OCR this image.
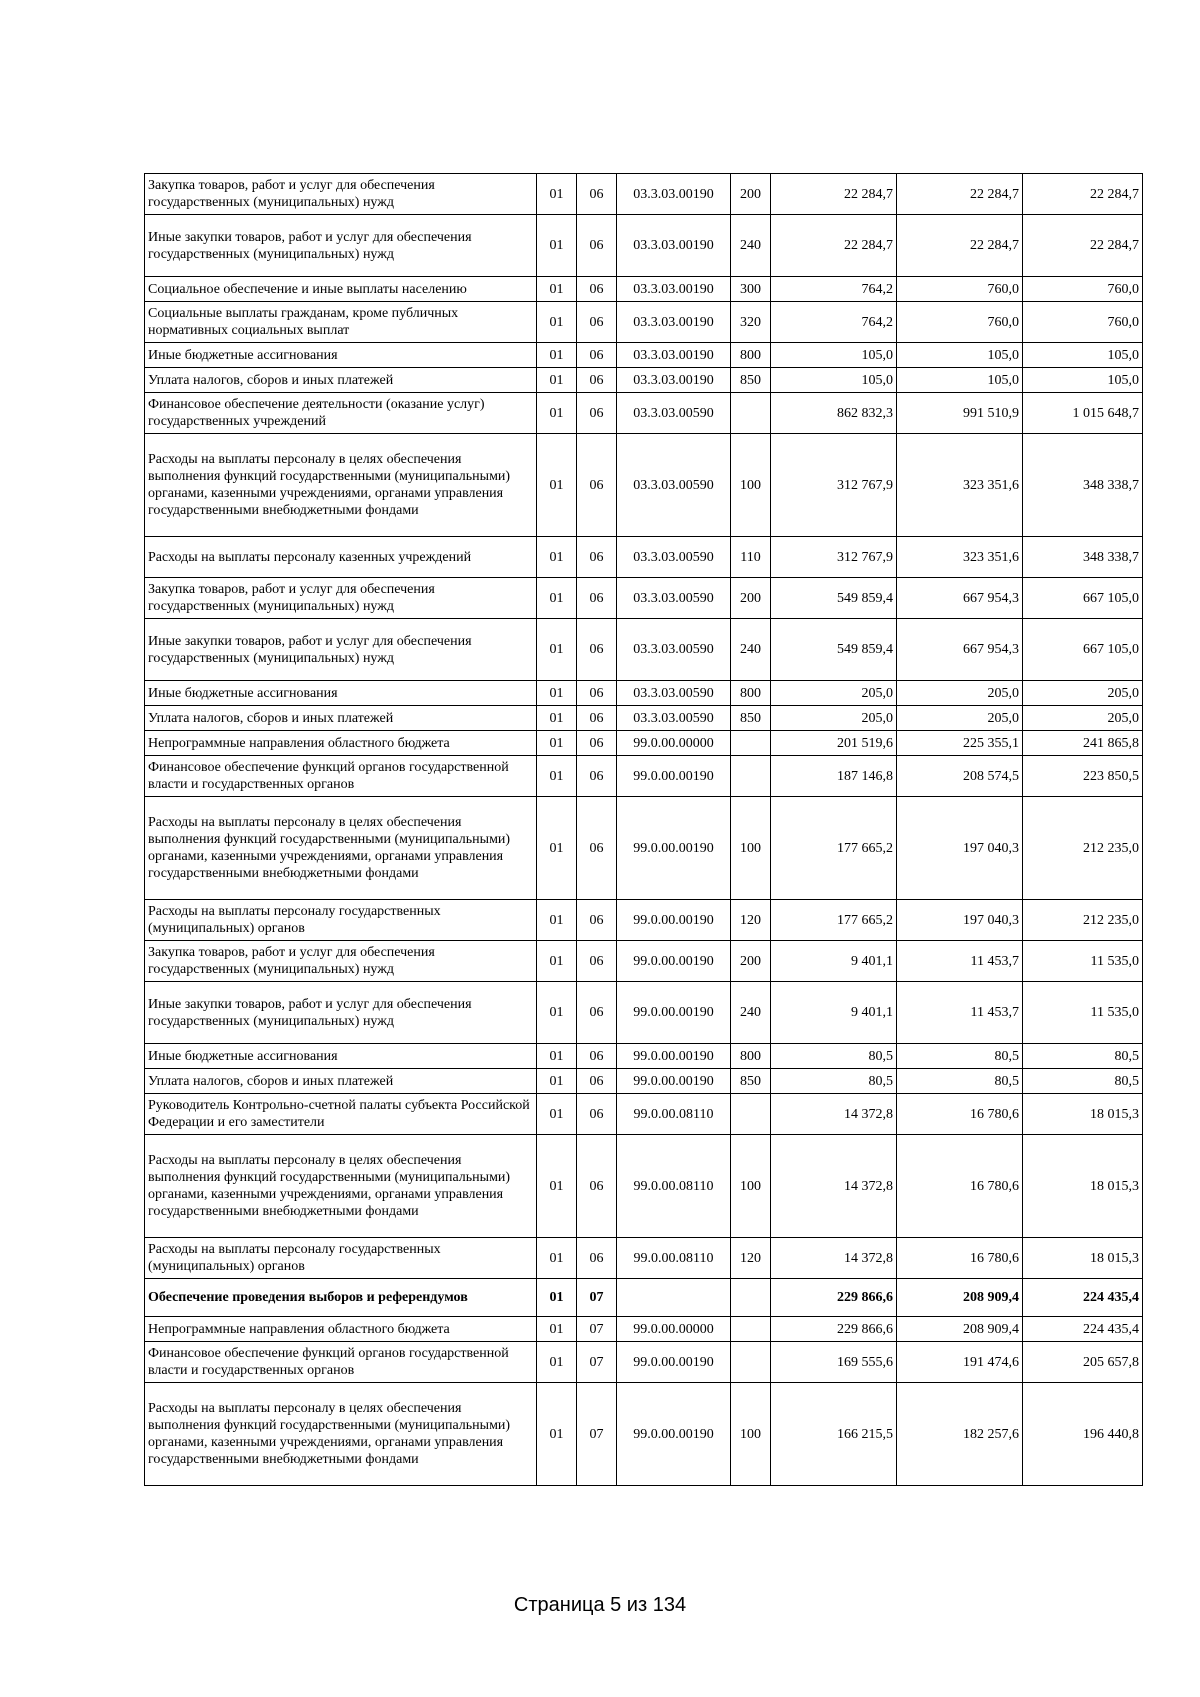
Закупка товаров, работ и услуг для обеспечения государственных (муниципальных) нужд	01	06	03.3.03.00190	200	22 284,7	22 284,7	22 284,7
Иные закупки товаров, работ и услуг для обеспечения государственных (муниципальных) нужд	01	06	03.3.03.00190	240	22 284,7	22 284,7	22 284,7
Социальное обеспечение и иные выплаты населению	01	06	03.3.03.00190	300	764,2	760,0	760,0
Социальные выплаты гражданам, кроме публичных нормативных социальных выплат	01	06	03.3.03.00190	320	764,2	760,0	760,0
Иные бюджетные ассигнования	01	06	03.3.03.00190	800	105,0	105,0	105,0
Уплата налогов, сборов и иных платежей	01	06	03.3.03.00190	850	105,0	105,0	105,0
Финансовое обеспечение деятельности (оказание услуг) государственных учреждений	01	06	03.3.03.00590		862 832,3	991 510,9	1 015 648,7
Расходы на выплаты персоналу в целях обеспечения выполнения функций государственными (муниципальными) органами, казенными учреждениями, органами управления государственными внебюджетными фондами	01	06	03.3.03.00590	100	312 767,9	323 351,6	348 338,7
Расходы на выплаты персоналу казенных учреждений	01	06	03.3.03.00590	110	312 767,9	323 351,6	348 338,7
Закупка товаров, работ и услуг для обеспечения государственных (муниципальных) нужд	01	06	03.3.03.00590	200	549 859,4	667 954,3	667 105,0
Иные закупки товаров, работ и услуг для обеспечения государственных (муниципальных) нужд	01	06	03.3.03.00590	240	549 859,4	667 954,3	667 105,0
Иные бюджетные ассигнования	01	06	03.3.03.00590	800	205,0	205,0	205,0
Уплата налогов, сборов и иных платежей	01	06	03.3.03.00590	850	205,0	205,0	205,0
Непрограммные направления областного бюджета	01	06	99.0.00.00000		201 519,6	225 355,1	241 865,8
Финансовое обеспечение функций органов государственной власти и государственных органов	01	06	99.0.00.00190		187 146,8	208 574,5	223 850,5
Расходы на выплаты персоналу в целях обеспечения выполнения функций государственными (муниципальными) органами, казенными учреждениями, органами управления государственными внебюджетными фондами	01	06	99.0.00.00190	100	177 665,2	197 040,3	212 235,0
Расходы на выплаты персоналу государственных (муниципальных) органов	01	06	99.0.00.00190	120	177 665,2	197 040,3	212 235,0
Закупка товаров, работ и услуг для обеспечения государственных (муниципальных) нужд	01	06	99.0.00.00190	200	9 401,1	11 453,7	11 535,0
Иные закупки товаров, работ и услуг для обеспечения государственных (муниципальных) нужд	01	06	99.0.00.00190	240	9 401,1	11 453,7	11 535,0
Иные бюджетные ассигнования	01	06	99.0.00.00190	800	80,5	80,5	80,5
Уплата налогов, сборов и иных платежей	01	06	99.0.00.00190	850	80,5	80,5	80,5
Руководитель Контрольно-счетной палаты субъекта Российской Федерации и его заместители	01	06	99.0.00.08110		14 372,8	16 780,6	18 015,3
Расходы на выплаты персоналу в целях обеспечения выполнения функций государственными (муниципальными) органами, казенными учреждениями, органами управления государственными внебюджетными фондами	01	06	99.0.00.08110	100	14 372,8	16 780,6	18 015,3
Расходы на выплаты персоналу государственных (муниципальных) органов	01	06	99.0.00.08110	120	14 372,8	16 780,6	18 015,3
Обеспечение проведения выборов и референдумов	01	07			229 866,6	208 909,4	224 435,4
Непрограммные направления областного бюджета	01	07	99.0.00.00000		229 866,6	208 909,4	224 435,4
Финансовое обеспечение функций органов государственной власти и государственных органов	01	07	99.0.00.00190		169 555,6	191 474,6	205 657,8
Расходы на выплаты персоналу в целях обеспечения выполнения функций государственными (муниципальными) органами, казенными учреждениями, органами управления государственными внебюджетными фондами	01	07	99.0.00.00190	100	166 215,5	182 257,6	196 440,8
Страница 5 из 134
